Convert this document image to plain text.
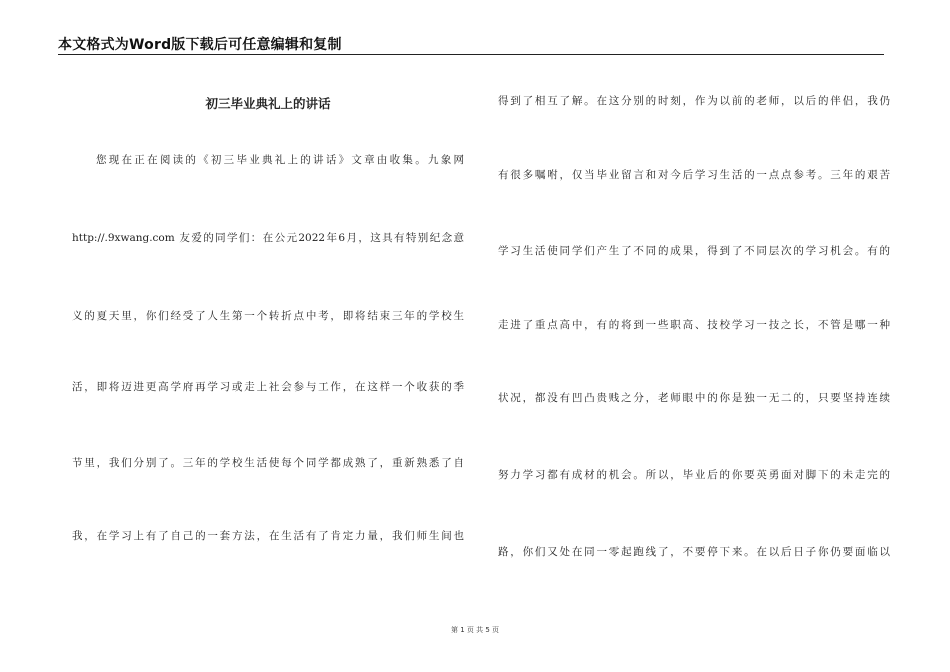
本文格式为Word版下载后可任意编辑和复制
初三毕业典礼上的讲话
您现在正在阅读的《初三毕业典礼上的讲话》文章由收集。九象网
http://.9xwang.com 友爱的同学们：在公元2022年6月，这具有特别纪念意
义的夏天里，你们经受了人生第一个转折点中考，即将结束三年的学校生
活，即将迈进更高学府再学习或走上社会参与工作，在这样一个收获的季
节里，我们分别了。三年的学校生活使每个同学都成熟了，重新熟悉了自
我，在学习上有了自己的一套方法，在生活有了肯定力量，我们师生间也
得到了相互了解。在这分别的时刻，作为以前的老师，以后的伴侣，我仍
有很多嘱咐，仅当毕业留言和对今后学习生活的一点点参考。三年的艰苦
学习生活使同学们产生了不同的成果，得到了不同层次的学习机会。有的
走进了重点高中，有的将到一些职高、技校学习一技之长，不管是哪一种
状况，都没有凹凸贵贱之分，老师眼中的你是独一无二的，只要坚持连续
努力学习都有成材的机会。所以，毕业后的你要英勇面对脚下的未走完的
路，你们又处在同一零起跑线了，不要停下来。在以后日子你仍要面临以
第 1 页 共 5 页
